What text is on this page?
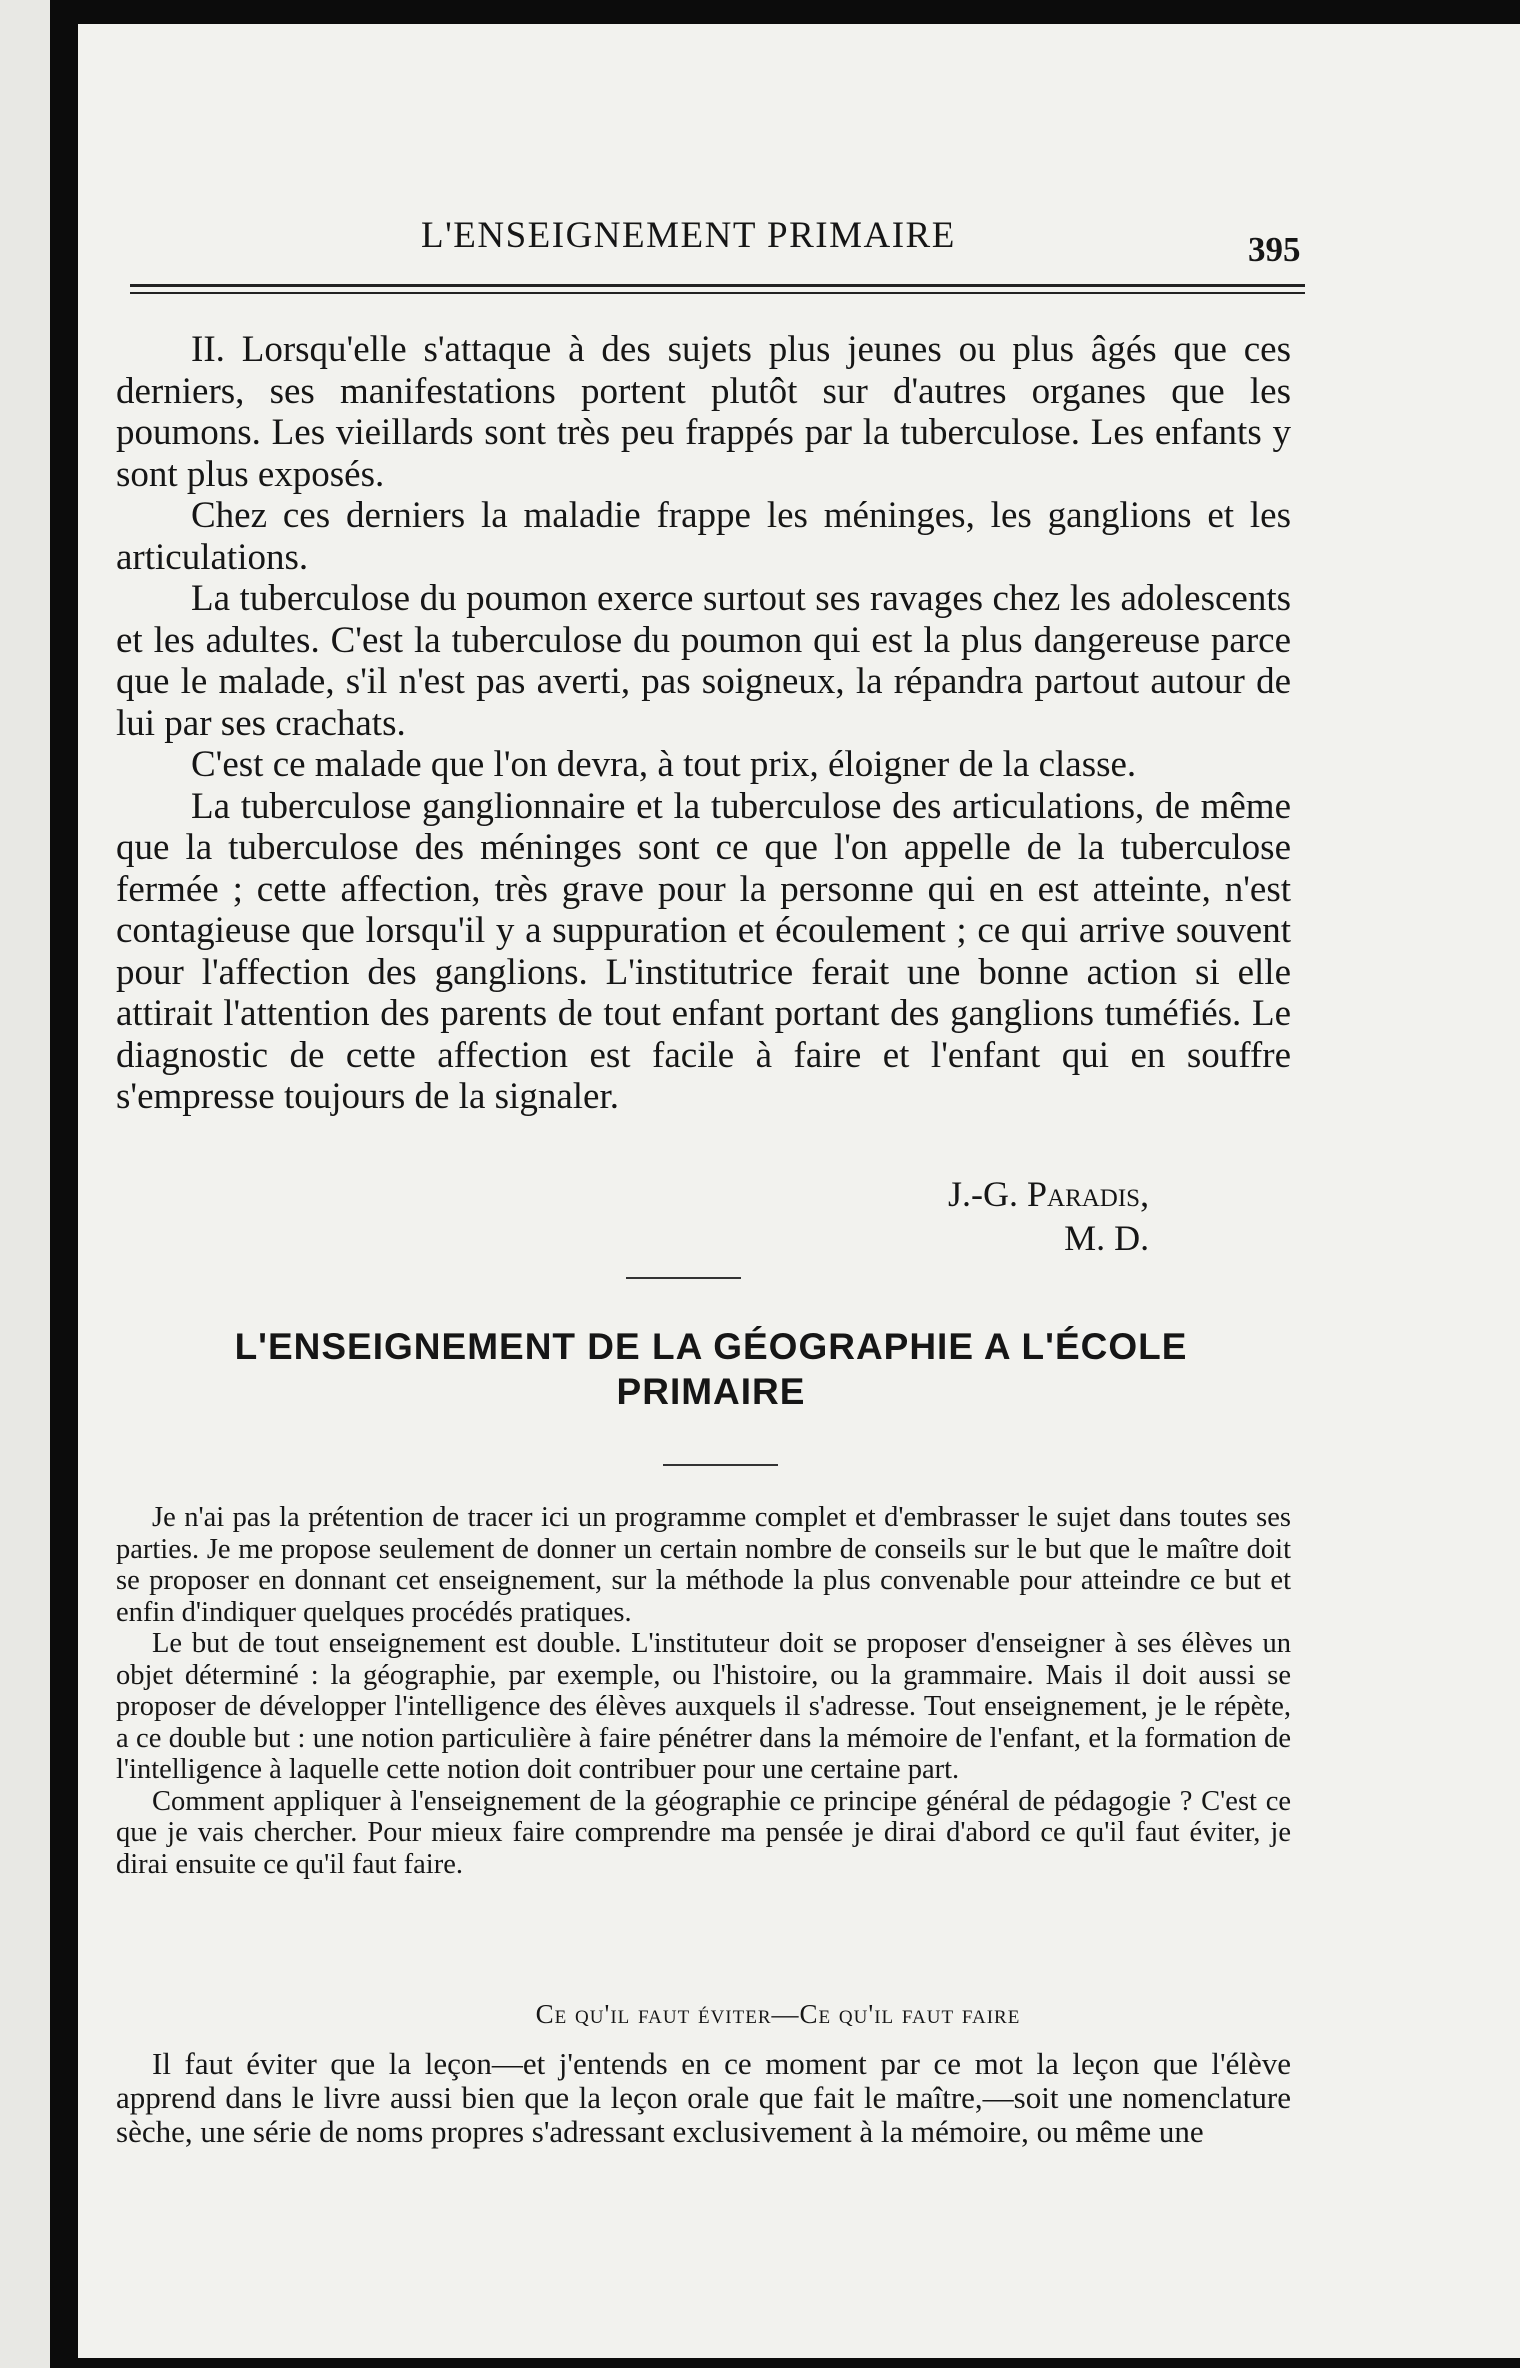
L'ENSEIGNEMENT PRIMAIRE	395

II. Lorsqu'elle s'attaque à des sujets plus jeunes ou plus âgés que ces derniers, ses manifestations portent plutôt sur d'autres organes que les poumons. Les vieillards sont très peu frappés par la tuberculose. Les enfants y sont plus exposés.

Chez ces derniers la maladie frappe les méninges, les ganglions et les articulations.

La tuberculose du poumon exerce surtout ses ravages chez les adolescents et les adultes. C'est la tuberculose du poumon qui est la plus dangereuse parce que le malade, s'il n'est pas averti, pas soigneux, la répandra partout autour de lui par ses crachats.

C'est ce malade que l'on devra, à tout prix, éloigner de la classe.

La tuberculose ganglionnaire et la tuberculose des articulations, de même que la tuberculose des méninges sont ce que l'on appelle de la tuberculose fermée ; cette affection, très grave pour la personne qui en est atteinte, n'est contagieuse que lorsqu'il y a suppuration et écoulement ; ce qui arrive souvent pour l'affection des ganglions. L'institutrice ferait une bonne action si elle attirait l'attention des parents de tout enfant portant des ganglions tuméfiés. Le diagnostic de cette affection est facile à faire et l'enfant qui en souffre s'empresse toujours de la signaler.

J.-G. Paradis,
M. D.
L'ENSEIGNEMENT DE LA GÉOGRAPHIE A L'ÉCOLE
PRIMAIRE

Je n'ai pas la prétention de tracer ici un programme complet et d'embrasser le sujet dans toutes ses parties. Je me propose seulement de donner un certain nombre de conseils sur le but que le maître doit se proposer en donnant cet enseignement, sur la méthode la plus convenable pour atteindre ce but et enfin d'indiquer quelques procédés pratiques.

Le but de tout enseignement est double. L'instituteur doit se proposer d'enseigner à ses élèves un objet déterminé : la géographie, par exemple, ou l'histoire, ou la grammaire. Mais il doit aussi se proposer de développer l'intelligence des élèves auxquels il s'adresse. Tout enseignement, je le répète, a ce double but : une notion particulière à faire pénétrer dans la mémoire de l'enfant, et la formation de l'intelligence à laquelle cette notion doit contribuer pour une certaine part.

Comment appliquer à l'enseignement de la géographie ce principe général de pédagogie ? C'est ce que je vais chercher. Pour mieux faire comprendre ma pensée je dirai d'abord ce qu'il faut éviter, je dirai ensuite ce qu'il faut faire.

Ce qu'il faut éviter—Ce qu'il faut faire

Il faut éviter que la leçon—et j'entends en ce moment par ce mot la leçon que l'élève apprend dans le livre aussi bien que la leçon orale que fait le maître,—soit une nomenclature sèche, une série de noms propres s'adressant exclusivement à la mémoire, ou même une
